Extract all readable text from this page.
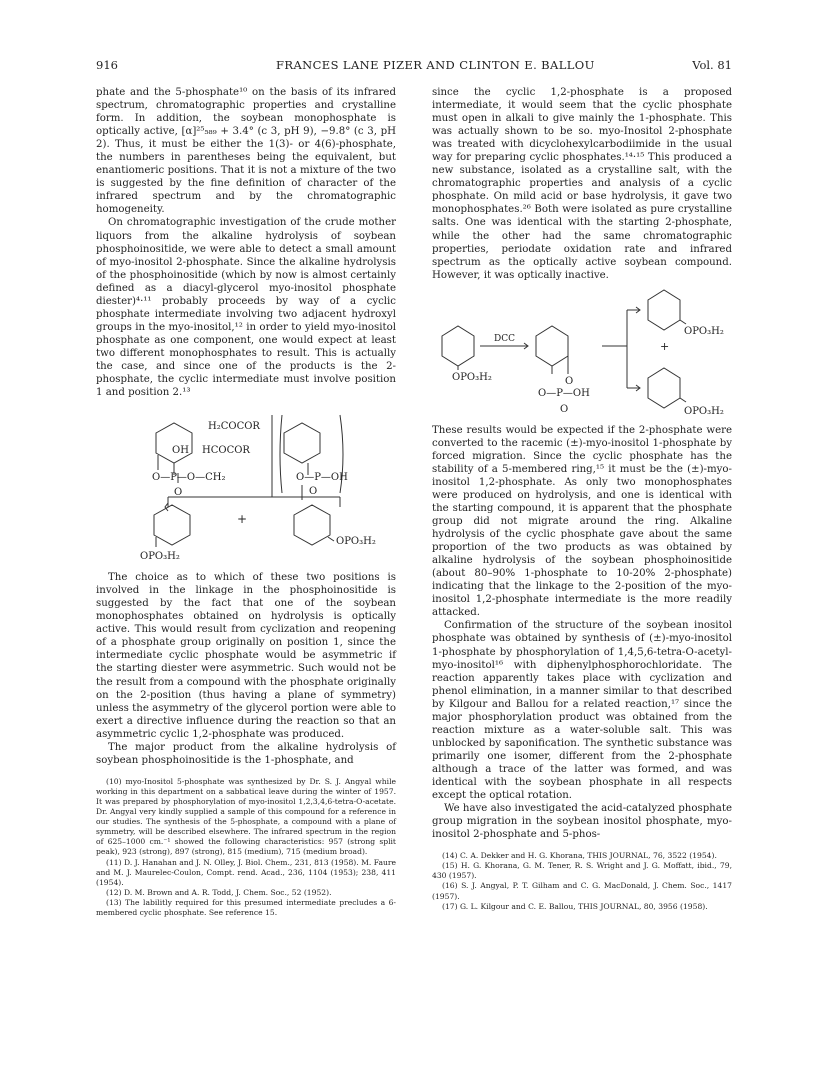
916	FRANCES LANE PIZER AND CLINTON E. BALLOU	Vol. 81

phate and the 5-phosphate¹⁰ on the basis of its infrared spectrum, chromatographic properties and crystalline form. In addition, the soybean monophosphate is optically active, [α]²⁵₅₈₉ + 3.4° (c 3, pH 9), −9.8° (c 3, pH 2). Thus, it must be either the 1(3)- or 4(6)-phosphate, the numbers in parentheses being the equivalent, but enantiomeric positions. That it is not a mixture of the two is suggested by the fine definition of character of the infrared spectrum and by the chromatographic homogeneity.

On chromatographic investigation of the crude mother liquors from the alkaline hydrolysis of soybean phosphoinositide, we were able to detect a small amount of myo-inositol 2-phosphate. Since the alkaline hydrolysis of the phosphoinositide (which by now is almost certainly defined as a diacyl-glycerol myo-inositol phosphate diester)⁴·¹¹ probably proceeds by way of a cyclic phosphate intermediate involving two adjacent hydroxyl groups in the myo-inositol,¹² in order to yield myo-inositol phosphate as one component, one would expect at least two different monophosphates to result. This is actually the case, and since one of the products is the 2-phosphate, the cyclic intermediate must involve position 1 and position 2.¹³

H₂COCOR
OH HCOCOR
O—P—O—CH₂
O
O—P—OH
O
+
OPO₃H₂
OPO₃H₂

The choice as to which of these two positions is involved in the linkage in the phosphoinositide is suggested by the fact that one of the soybean monophosphates obtained on hydrolysis is optically active. This would result from cyclization and reopening of a phosphate group originally on position 1, since the intermediate cyclic phosphate would be asymmetric if the starting diester were asymmetric. Such would not be the result from a compound with the phosphate originally on the 2-position (thus having a plane of symmetry) unless the asymmetry of the glycerol portion were able to exert a directive influence during the reaction so that an asymmetric cyclic 1,2-phosphate was produced.

The major product from the alkaline hydrolysis of soybean phosphoinositide is the 1-phosphate, and

(10) myo-Inositol 5-phosphate was synthesized by Dr. S. J. Angyal while working in this department on a sabbatical leave during the winter of 1957. It was prepared by phosphorylation of myo-inositol 1,2,3,4,6-tetra-O-acetate. Dr. Angyal very kindly supplied a sample of this compound for a reference in our studies. The synthesis of the 5-phosphate, a compound with a plane of symmetry, will be described elsewhere. The infrared spectrum in the region of 625–1000 cm.⁻¹ showed the following characteristics: 957 (strong split peak), 923 (strong), 897 (strong), 815 (medium), 715 (medium broad).

(11) D. J. Hanahan and J. N. Olley, J. Biol. Chem., 231, 813 (1958). M. Faure and M. J. Maurelec-Coulon, Compt. rend. Acad., 236, 1104 (1953); 238, 411 (1954).

(12) D. M. Brown and A. R. Todd, J. Chem. Soc., 52 (1952).

(13) The labilitly required for this presumed intermediate precludes a 6-membered cyclic phosphate. See reference 15.

since the cyclic 1,2-phosphate is a proposed intermediate, it would seem that the cyclic phosphate must open in alkali to give mainly the 1-phosphate. This was actually shown to be so. myo-Inositol 2-phosphate was treated with dicyclohexylcarbodiimide in the usual way for preparing cyclic phosphates.¹⁴·¹⁵ This produced a new substance, isolated as a crystalline salt, with the chromatographic properties and analysis of a cyclic phosphate. On mild acid or base hydrolysis, it gave two monophosphates.²⁶ Both were isolated as pure crystalline salts. One was identical with the starting 2-phosphate, while the other had the same chromatographic properties, periodate oxidation rate and infrared spectrum as the optically active soybean compound. However, it was optically inactive.

DCC
OPO₃H₂	O
O—P—OH
O
OPO₃H₂
+
OPO₃H₂

These results would be expected if the 2-phosphate were converted to the racemic (±)-myo-inositol 1-phosphate by forced migration. Since the cyclic phosphate has the stability of a 5-membered ring,¹⁵ it must be the (±)-myo-inositol 1,2-phosphate. As only two monophosphates were produced on hydrolysis, and one is identical with the starting compound, it is apparent that the phosphate group did not migrate around the ring. Alkaline hydrolysis of the cyclic phosphate gave about the same proportion of the two products as was obtained by alkaline hydrolysis of the soybean phosphoinositide (about 80–90% 1-phosphate to 10-20% 2-phosphate) indicating that the linkage to the 2-position of the myo-inositol 1,2-phosphate intermediate is the more readily attacked.

Confirmation of the structure of the soybean inositol phosphate was obtained by synthesis of (±)-myo-inositol 1-phosphate by phosphorylation of 1,4,5,6-tetra-O-acetyl-myo-inositol¹⁶ with diphenylphosphorochloridate. The reaction apparently takes place with cyclization and phenol elimination, in a manner similar to that described by Kilgour and Ballou for a related reaction,¹⁷ since the major phosphorylation product was obtained from the reaction mixture as a water-soluble salt. This was unblocked by saponification. The synthetic substance was primarily one isomer, different from the 2-phosphate although a trace of the latter was formed, and was identical with the soybean phosphate in all respects except the optical rotation.

We have also investigated the acid-catalyzed phosphate group migration in the soybean inositol phosphate, myo-inositol 2-phosphate and 5-phos-

(14) C. A. Dekker and H. G. Khorana, THIS JOURNAL, 76, 3522 (1954).

(15) H. G. Khorana, G. M. Tener, R. S. Wright and J. G. Moffatt, ibid., 79, 430 (1957).

(16) S. J. Angyal, P. T. Gilham and C. G. MacDonald, J. Chem. Soc., 1417 (1957).

(17) G. L. Kilgour and C. E. Ballou, THIS JOURNAL, 80, 3956 (1958).
